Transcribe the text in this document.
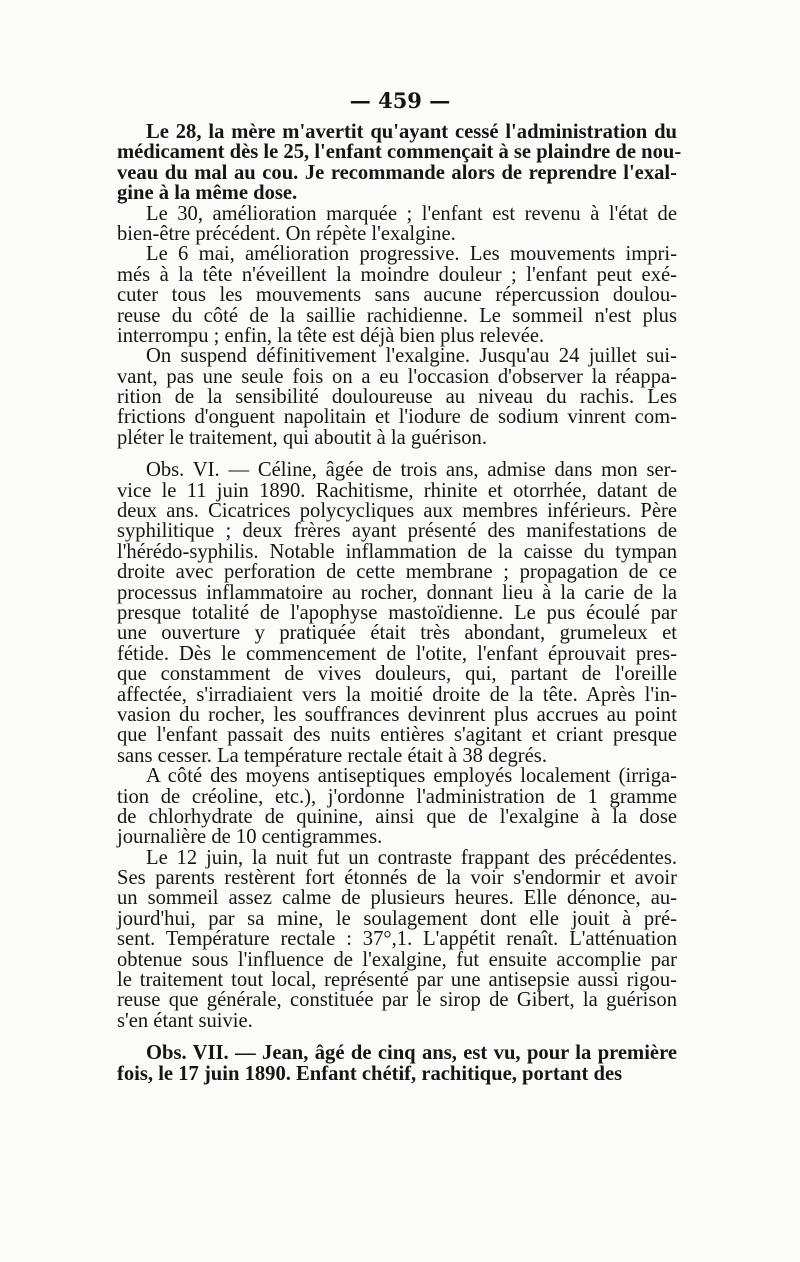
— 459 —
Le 28, la mère m'avertit qu'ayant cessé l'administration du
médicament dès le 25, l'enfant commençait à se plaindre de nou-
veau du mal au cou. Je recommande alors de reprendre l'exal-
gine à la même dose.
Le 30, amélioration marquée ; l'enfant est revenu à l'état de
bien-être précédent. On répète l'exalgine.
Le 6 mai, amélioration progressive. Les mouvements impri-
més à la tête n'éveillent la moindre douleur ; l'enfant peut exé-
cuter tous les mouvements sans aucune répercussion doulou-
reuse du côté de la saillie rachidienne. Le sommeil n'est plus
interrompu ; enfin, la tête est déjà bien plus relevée.
On suspend définitivement l'exalgine. Jusqu'au 24 juillet sui-
vant, pas une seule fois on a eu l'occasion d'observer la réappa-
rition de la sensibilité douloureuse au niveau du rachis. Les
frictions d'onguent napolitain et l'iodure de sodium vinrent com-
pléter le traitement, qui aboutit à la guérison.
Obs. VI. — Céline, âgée de trois ans, admise dans mon ser-
vice le 11 juin 1890. Rachitisme, rhinite et otorrhée, datant de
deux ans. Cicatrices polycycliques aux membres inférieurs. Père
syphilitique ; deux frères ayant présenté des manifestations de
l'hérédo-syphilis. Notable inflammation de la caisse du tympan
droite avec perforation de cette membrane ; propagation de ce
processus inflammatoire au rocher, donnant lieu à la carie de la
presque totalité de l'apophyse mastoïdienne. Le pus écoulé par
une ouverture y pratiquée était très abondant, grumeleux et
fétide. Dès le commencement de l'otite, l'enfant éprouvait pres-
que constamment de vives douleurs, qui, partant de l'oreille
affectée, s'irradiaient vers la moitié droite de la tête. Après l'in-
vasion du rocher, les souffrances devinrent plus accrues au point
que l'enfant passait des nuits entières s'agitant et criant presque
sans cesser. La température rectale était à 38 degrés.
A côté des moyens antiseptiques employés localement (irriga-
tion de créoline, etc.), j'ordonne l'administration de 1 gramme
de chlorhydrate de quinine, ainsi que de l'exalgine à la dose
journalière de 10 centigrammes.
Le 12 juin, la nuit fut un contraste frappant des précédentes.
Ses parents restèrent fort étonnés de la voir s'endormir et avoir
un sommeil assez calme de plusieurs heures. Elle dénonce, au-
jourd'hui, par sa mine, le soulagement dont elle jouit à pré-
sent. Température rectale : 37°,1. L'appétit renaît. L'atténuation
obtenue sous l'influence de l'exalgine, fut ensuite accomplie par
le traitement tout local, représenté par une antisepsie aussi rigou-
reuse que générale, constituée par le sirop de Gibert, la guérison
s'en étant suivie.
Obs. VII. — Jean, âgé de cinq ans, est vu, pour la première
fois, le 17 juin 1890. Enfant chétif, rachitique, portant des
